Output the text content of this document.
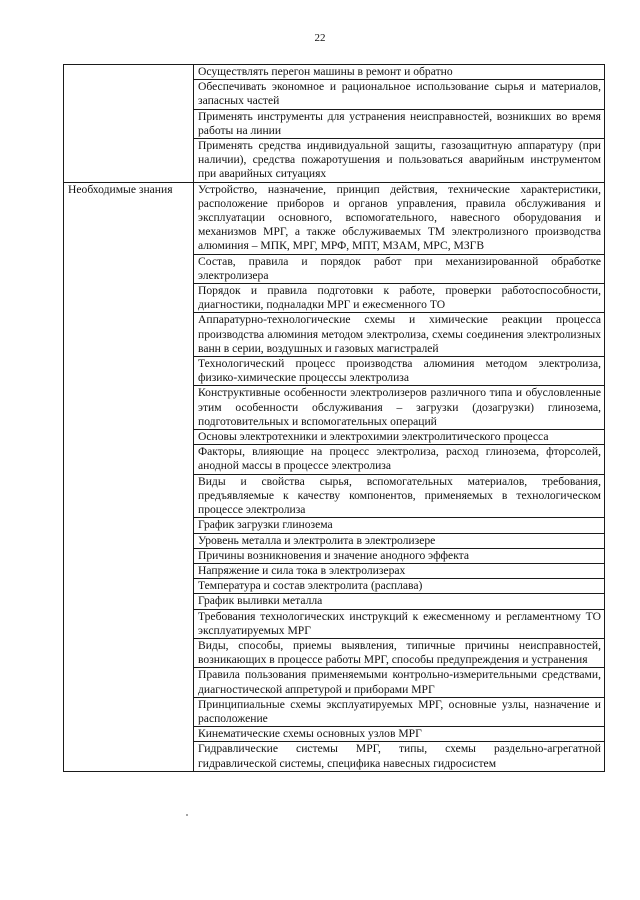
22
	Осуществлять перегон машины в ремонт и обратно
	Обеспечивать экономное и рациональное использование сырья и материалов, запасных частей
	Применять инструменты для устранения неисправностей, возникших во время работы на линии
	Применять средства индивидуальной защиты, газозащитную аппаратуру (при наличии), средства пожаротушения и пользоваться аварийным инструментом при аварийных ситуациях
Необходимые знания	Устройство, назначение, принцип действия, технические характеристики, расположение приборов и органов управления, правила обслуживания и эксплуатации основного, вспомогательного, навесного оборудования и механизмов МРГ, а также обслуживаемых ТМ электролизного производства алюминия – МПК, МРГ, МРФ, МПТ, МЗАМ, МРС, МЗГВ
	Состав, правила и порядок работ при механизированной обработке электролизера
	Порядок и правила подготовки к работе, проверки работоспособности, диагностики, подналадки МРГ и ежесменного ТО
	Аппаратурно-технологические схемы и химические реакции процесса производства алюминия методом электролиза, схемы соединения электролизных ванн в серии, воздушных и газовых магистралей
	Технологический процесс производства алюминия методом электролиза, физико-химические процессы электролиза
	Конструктивные особенности электролизеров различного типа и обусловленные этим особенности обслуживания – загрузки (дозагрузки) глинозема, подготовительных и вспомогательных операций
	Основы электротехники и электрохимии электролитического процесса
	Факторы, влияющие на процесс электролиза, расход глинозема, фторсолей, анодной массы в процессе электролиза
	Виды и свойства сырья, вспомогательных материалов, требования, предъявляемые к качеству компонентов, применяемых в технологическом процессе электролиза
	График загрузки глинозема
	Уровень металла и электролита в электролизере
	Причины возникновения и значение анодного эффекта
	Напряжение и сила тока в электролизерах
	Температура и состав электролита (расплава)
	График выливки металла
	Требования технологических инструкций к ежесменному и регламентному ТО эксплуатируемых МРГ
	Виды, способы, приемы выявления, типичные причины неисправностей, возникающих в процессе работы МРГ, способы предупреждения и устранения
	Правила пользования применяемыми контрольно-измерительными средствами, диагностической аппретурой и приборами МРГ
	Принципиальные схемы эксплуатируемых МРГ, основные узлы, назначение и расположение
	Кинематические схемы основных узлов МРГ
	Гидравлические системы МРГ, типы, схемы раздельно-агрегатной гидравлической системы, специфика навесных гидросистем
